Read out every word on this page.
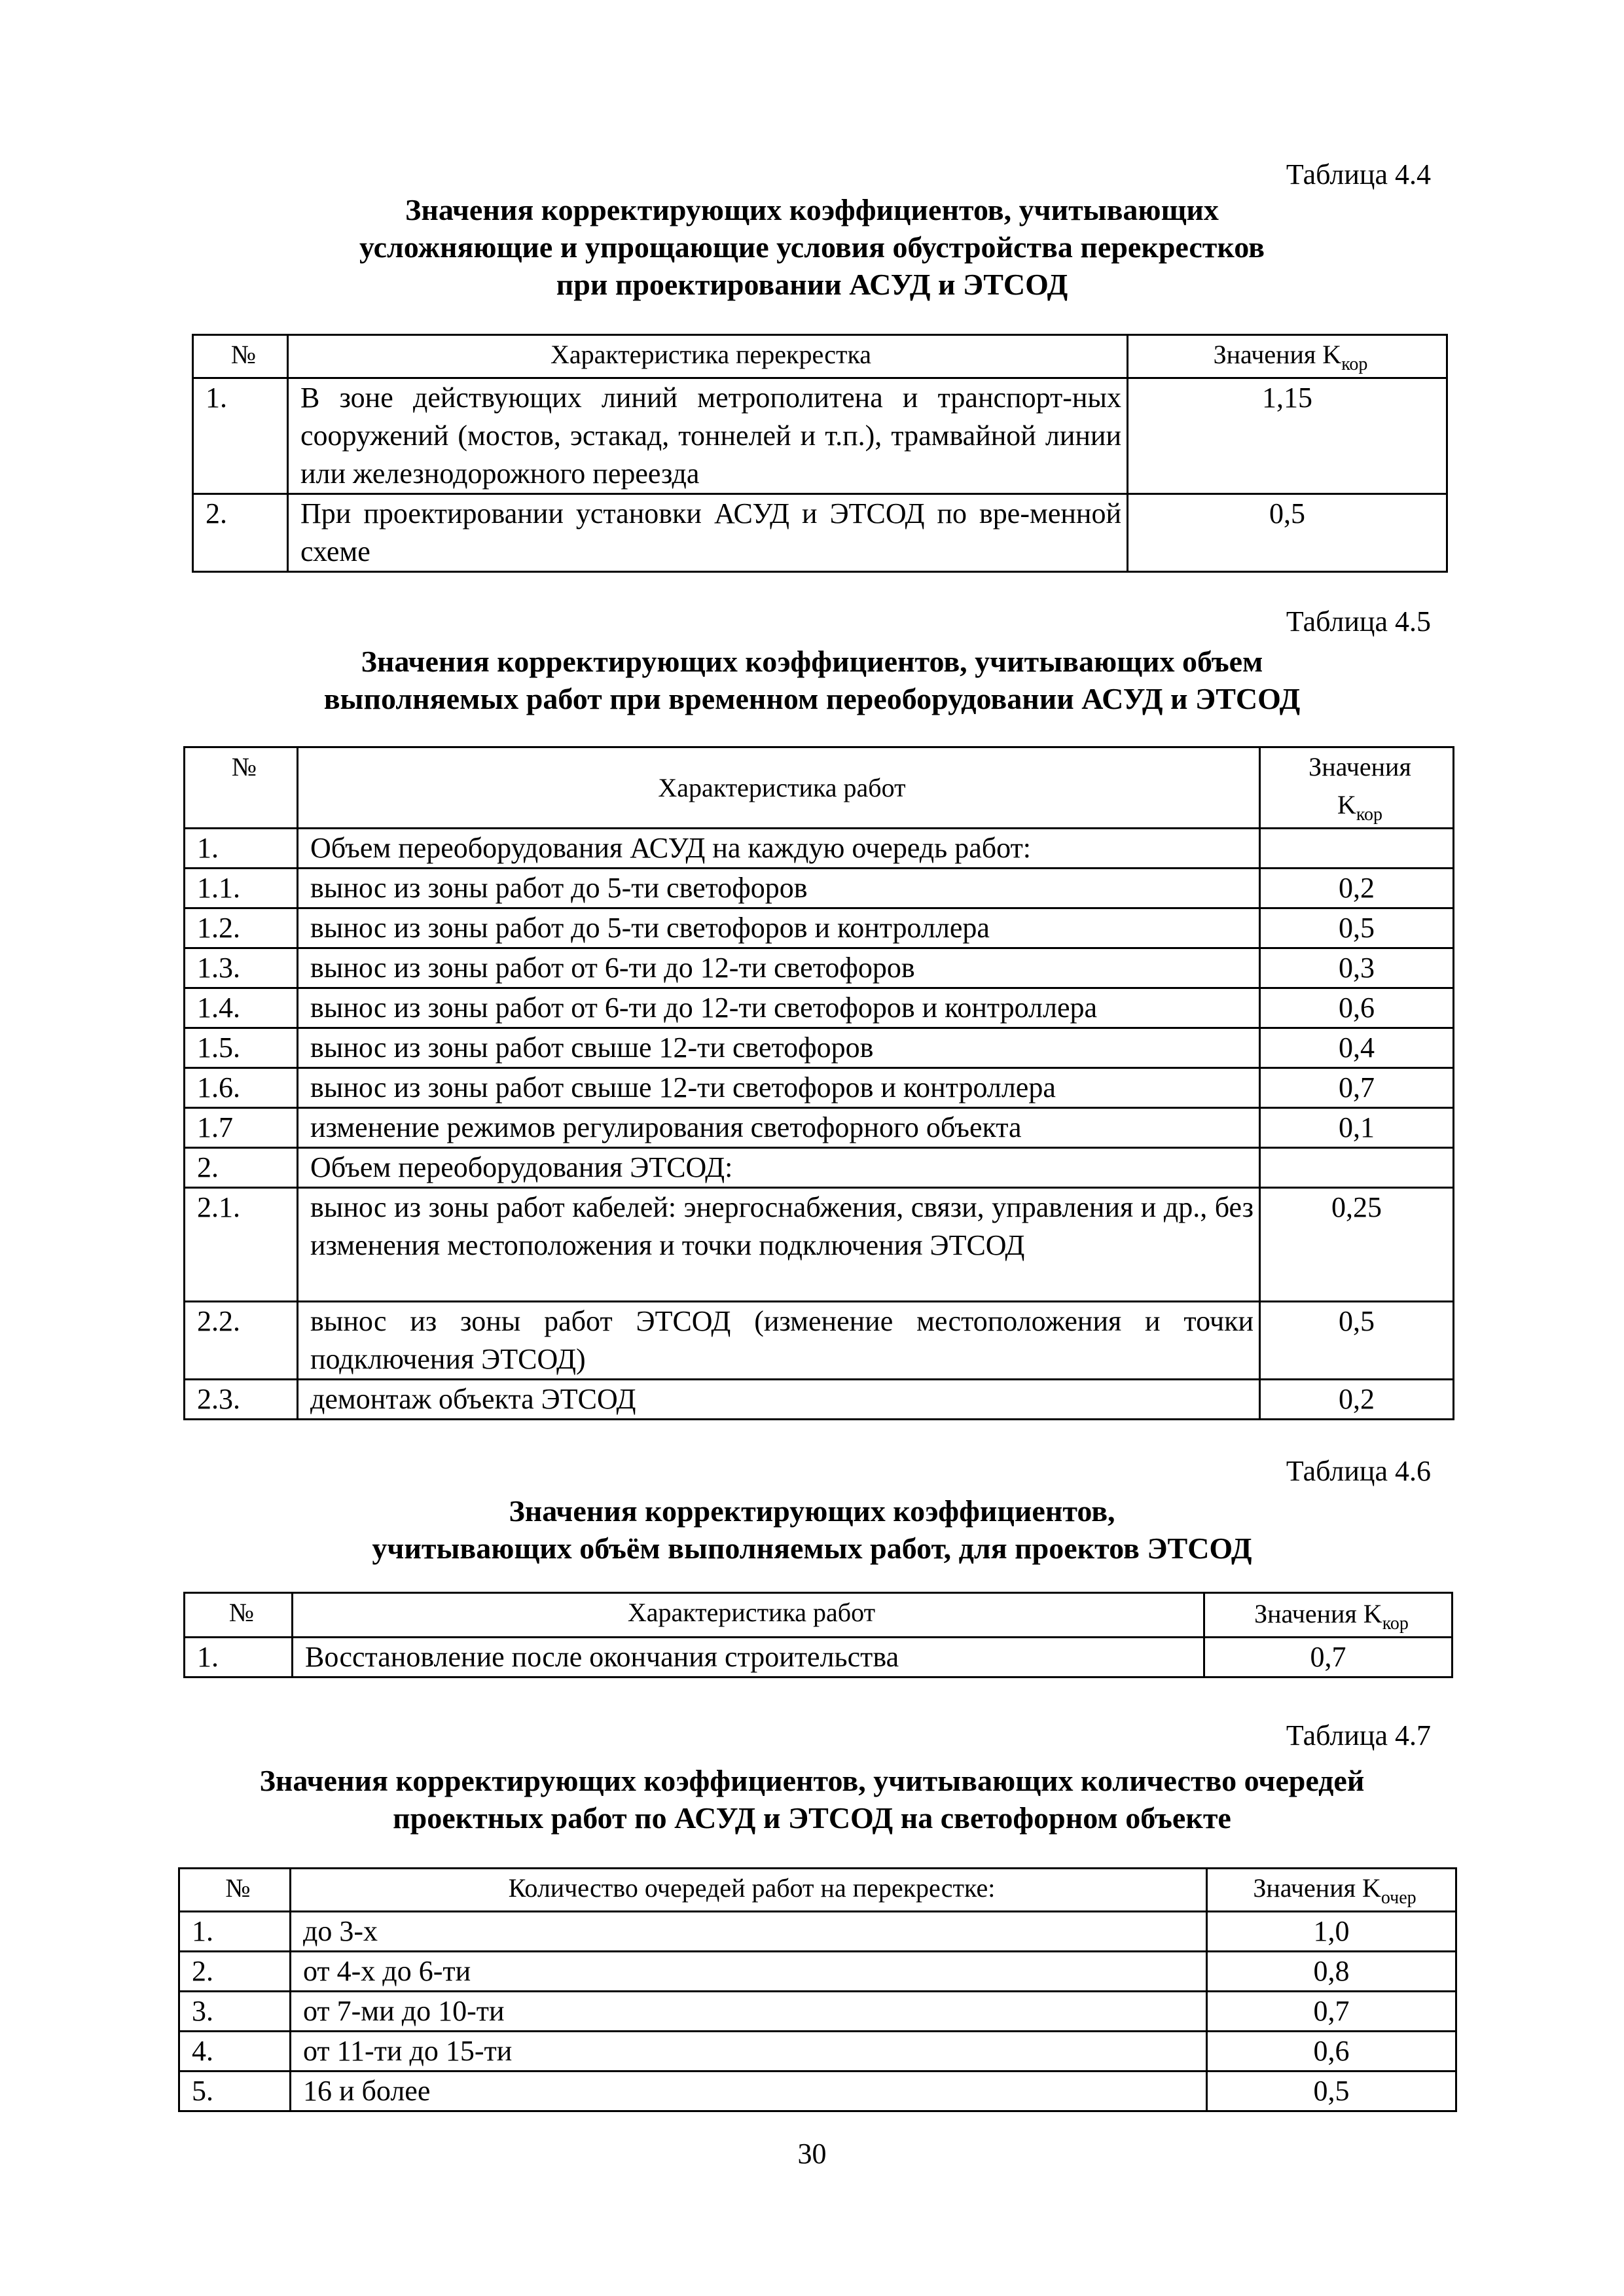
Таблица 4.4
Значения корректирующих коэффициентов, учитывающих
усложняющие и упрощающие условия обустройства перекрестков
при проектировании АСУД и ЭТСОД
№	Характеристика перекрестка	Значения $K_{кор}$
1.	В зоне действующих линий метрополитена и транспорт-ных сооружений (мостов, эстакад, тоннелей и т.п.), трамвайной линии или железнодорожного переезда	1,15
2.	При проектировании установки АСУД и ЭТСОД по вре-менной схеме	0,5
Таблица 4.5
Значения корректирующих коэффициентов, учитывающих объем
выполняемых работ при временном переоборудовании АСУД и ЭТСОД
№	Характеристика работ	Значения
$K_{кор}$
1.	Объем переоборудования АСУД на каждую очередь работ:	
1.1.	вынос из зоны работ до 5-ти светофоров	0,2
1.2.	вынос из зоны работ до 5-ти светофоров и контроллера	0,5
1.3.	вынос из зоны работ от 6-ти до 12-ти светофоров	0,3
1.4.	вынос из зоны работ от 6-ти до 12-ти светофоров и контроллера	0,6
1.5.	вынос из зоны работ свыше 12-ти светофоров	0,4
1.6.	вынос из зоны работ свыше 12-ти светофоров и контроллера	0,7
1.7	изменение режимов регулирования светофорного объекта	0,1
2.	Объем переоборудования ЭТСОД:	
2.1.	вынос из зоны работ кабелей: энергоснабжения, связи, управления и др., без изменения местоположения и точки подключения ЭТСОД	0,25
2.2.	вынос из зоны работ ЭТСОД (изменение местоположения и точки подключения ЭТСОД)	0,5
2.3.	демонтаж объекта ЭТСОД	0,2
Таблица 4.6
Значения корректирующих коэффициентов,
учитывающих объём выполняемых работ, для проектов ЭТСОД
№	Характеристика работ	Значения $K_{кор}$
1.	Восстановление после окончания строительства	0,7
Таблица 4.7
Значения корректирующих коэффициентов, учитывающих количество очередей
проектных работ по АСУД и ЭТСОД на светофорном объекте
№	Количество очередей работ на перекрестке:	Значения $K_{очер}$
1.	до 3-х	1,0
2.	от 4-х до 6-ти	0,8
3.	от 7-ми до 10-ти	0,7
4.	от 11-ти до 15-ти	0,6
5.	16 и более	0,5
30
